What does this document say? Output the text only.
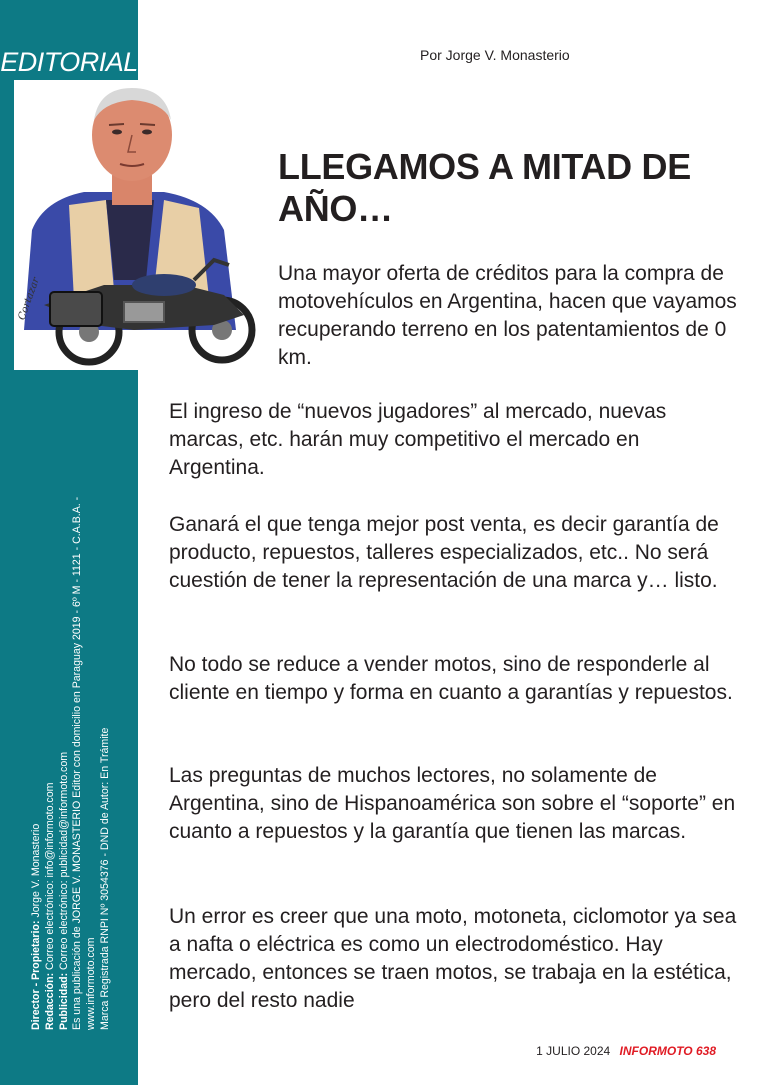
EDITORIAL
Cortazar
Por Jorge V. Monasterio
LLEGAMOS A MITAD DE AÑO…

Una mayor oferta de créditos para la compra de motovehículos en Argentina, hacen que vayamos recuperando terreno en los patentamientos de 0 km.

El ingreso de “nuevos jugadores” al mercado, nuevas marcas, etc. harán muy competitivo el mercado en Argentina.

Ganará el que tenga mejor post venta, es decir garantía de producto, repuestos, talleres especializados, etc.. No será cuestión de tener la representación de una marca y… listo.

No todo se reduce a vender motos, sino de responderle al cliente en tiempo y forma en cuanto a garantías y repuestos.

Las preguntas de muchos lectores, no solamente de Argentina, sino de Hispanoamérica son sobre el “soporte” en cuanto a repuestos y la garantía que tienen las marcas.

Un error es creer que una moto, motoneta, ciclomotor ya sea a nafta o eléctrica es como un electrodoméstico. Hay mercado, entonces se traen motos, se trabaja en la estética, pero del resto nadie

Director - Propietario: Jorge V. Monasterio
Redacción: Correo electrónico: info@informoto.com
Publicidad: Correo electrónico: publicidad@informoto.com Es una publicación de JORGE V. MONASTERIO Editor con domicilio en Paraguay 2019 - 6º M - 1121 - C.A.B.A. - www.informoto.com Marca Registrada RNPI Nº 3054376 - DND de Autor: En Trámite
1 JULIO 2024 INFORMOTO 638
